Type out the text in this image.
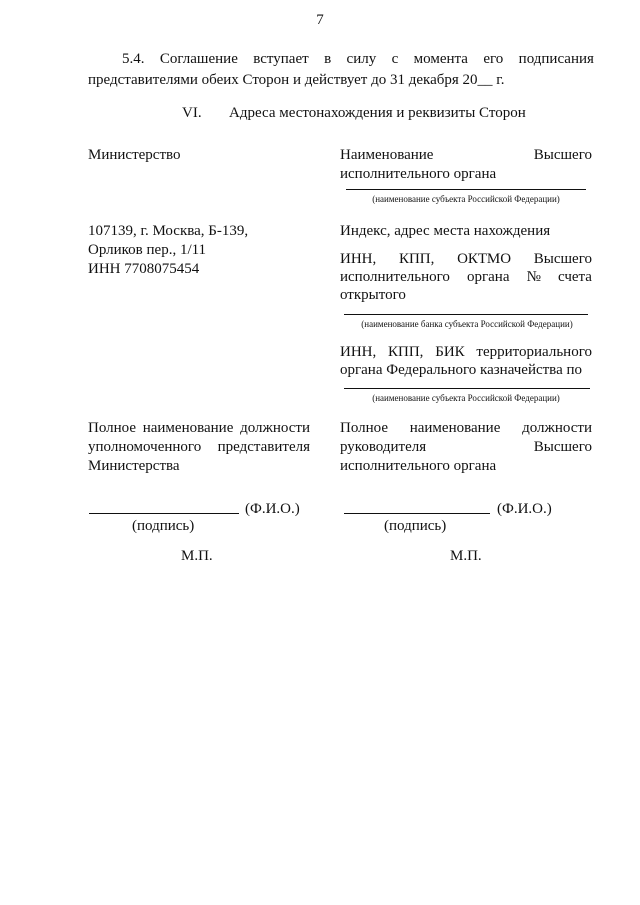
7
5.4. Соглашение вступает в силу с момента его подписания
представителями обеих Сторон и действует до 31 декабря 20__ г.
VI. Адреса местонахождения и реквизиты Сторон
Министерство
107139, г. Москва, Б-139,
Орликов пер., 1/11
ИНН 7708075454
Полное наименование должности
уполномоченного представителя
Министерства
(Ф.И.О.)
(подпись)
М.П.
Наименование	Высшего
исполнительного органа
(наименование субъекта Российской Федерации)
Индекс, адрес места нахождения
ИНН, КПП, ОКТМО Высшего
исполнительного органа № счета
открытого
(наименование банка субъекта Российской Федерации)
ИНН, КПП, БИК территориального
органа Федерального казначейства по
(наименование субъекта Российской Федерации)
Полное наименование должности
руководителя	Высшего
исполнительного органа
(Ф.И.О.)
(подпись)
М.П.
